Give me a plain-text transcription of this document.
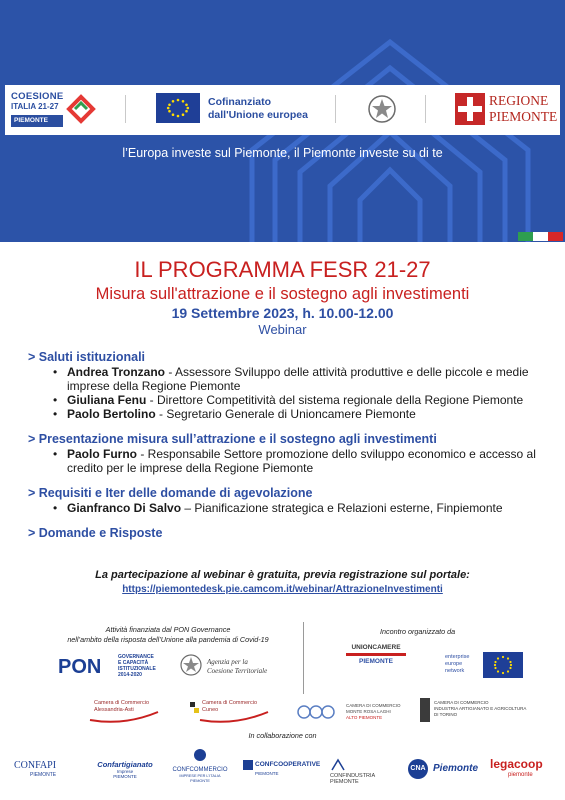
COESIONE
ITALIA 21-27
PIEMONTE
Cofinanziato
dall'Unione europea
REGIONE
PIEMONTE
l’Europa investe sul Piemonte, il Piemonte investe su di te
IL PROGRAMMA FESR 21-27
Misura sull'attrazione e il sostegno agli investimenti
19 Settembre 2023, h. 10.00-12.00
Webinar
> Saluti istituzionali
• Andrea Tronzano - Assessore Sviluppo delle attività produttive e delle piccole e medie imprese della Regione Piemonte
• Giuliana Fenu - Direttore Competitività del sistema regionale della Regione Piemonte
• Paolo Bertolino - Segretario Generale di Unioncamere Piemonte
> Presentazione misura sull’attrazione e il sostegno agli investimenti
• Paolo Furno - Responsabile Settore promozione dello sviluppo economico e accesso al credito per le imprese della Regione Piemonte
> Requisiti e Iter delle domande di agevolazione
• Gianfranco Di Salvo – Pianificazione strategica e Relazioni esterne, Finpiemonte
> Domande e Risposte
La partecipazione al webinar è gratuita, previa registrazione sul portale:
https://piemontedesk.pie.camcom.it/webinar/AttrazioneInvestimenti
Attività finanziata dal PON Governance
nell’ambito della risposta dell’Unione alla pandemia di Covid-19
Incontro organizzato da
PON	GOVERNANCE
E CAPACITÀ
ISTITUZIONALE
2014-2020
Agenzia per la
Coesione Territoriale
UNIONCAMERE
PIEMONTE
enterprise
europe
network
Camera di Commercio
Alessandria-Asti
Camera di Commercio
Cuneo
CAMERA DI COMMERCIO
MONTE ROSA LAGHI
ALTO PIEMONTE
CAMERA DI COMMERCIO
INDUSTRIA ARTIGIANATO E AGRICOLTURA
DI TORINO
In collaborazione con
CONFAPI
PIEMONTE
Confartigianato
Imprese
PIEMONTE
CONFCOMMERCIO
IMPRESE PER L'ITALIA
PIEMONTE
CONFCOOPERATIVE
PIEMONTE	CONFINDUSTRIA
PIEMONTE
CNA Piemonte legacoop
piemonte
